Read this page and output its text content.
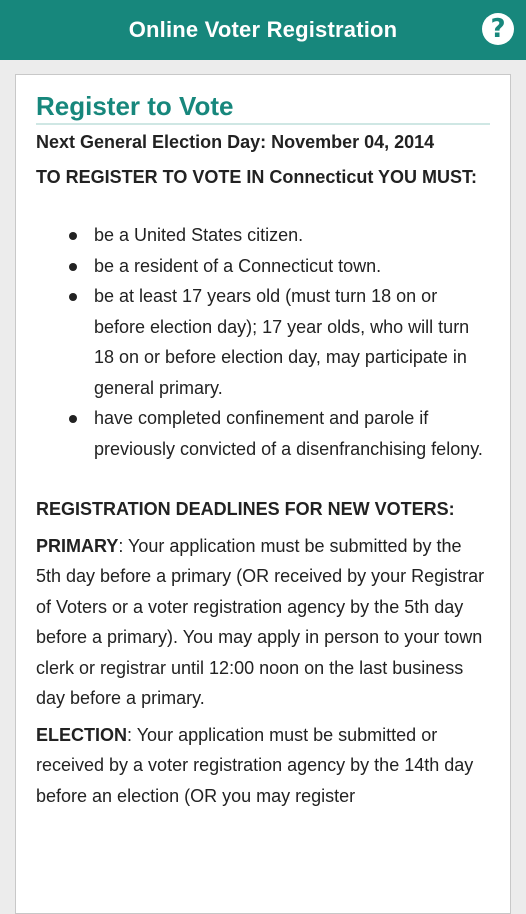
Online Voter Registration	?
Register to Vote
Next General Election Day: November 04, 2014
TO REGISTER TO VOTE IN Connecticut YOU MUST:
be a United States citizen.
be a resident of a Connecticut town.
be at least 17 years old (must turn 18 on or before election day); 17 year olds, who will turn 18 on or before election day, may participate in general primary.
have completed confinement and parole if previously convicted of a disenfranchising felony.
REGISTRATION DEADLINES FOR NEW VOTERS:
PRIMARY: Your application must be submitted by the 5th day before a primary (OR received by your Registrar of Voters or a voter registration agency by the 5th day before a primary). You may apply in person to your town clerk or registrar until 12:00 noon on the last business day before a primary.
ELECTION: Your application must be submitted or received by a voter registration agency by the 14th day before an election (OR you may register
